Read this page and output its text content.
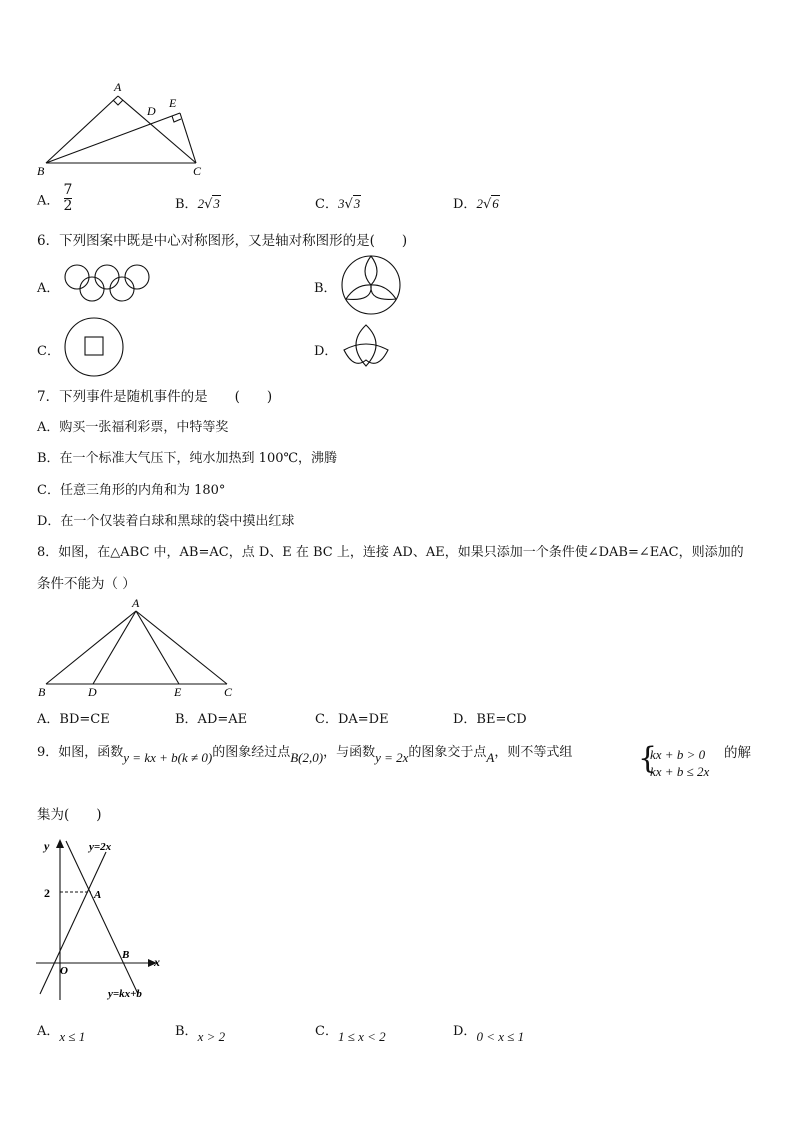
A
D
E
B	C
A． $\frac{7}{2}$	B．2√3	C．3√3	D．2√6
6．下列图案中既是中心对称图形，又是轴对称图形的是(　　)
A．	B．
C．	D．
7．下列事件是随机事件的是　　(　　)
A．购买一张福利彩票，中特等奖
B．在一个标准大气压下，纯水加热到 100℃，沸腾
C．任意三角形的内角和为 180°
D．在一个仅装着白球和黑球的袋中摸出红球
8．如图，在△ABC 中，AB=AC，点 D、E 在 BC 上，连接 AD、AE，如果只添加一个条件使∠DAB=∠EAC，则添加的
条件不能为（ ）
A
B	D	E	C
A．BD=CE	B．AD=AE	C．DA=DE	D．BE=CD
9．如图，函数y = kx + b(k ≠ 0)的图象经过点B(2,0)，与函数y = 2x的图象交于点A，则不等式组 {
kx + b > 0
kx + b ≤ 2x
的解
集为(　　)
y
x
y=2x
y=kx+b
A
B
O
2
A．x ≤ 1	B．x > 2	C．1 ≤ x < 2	D．0 < x ≤ 1
